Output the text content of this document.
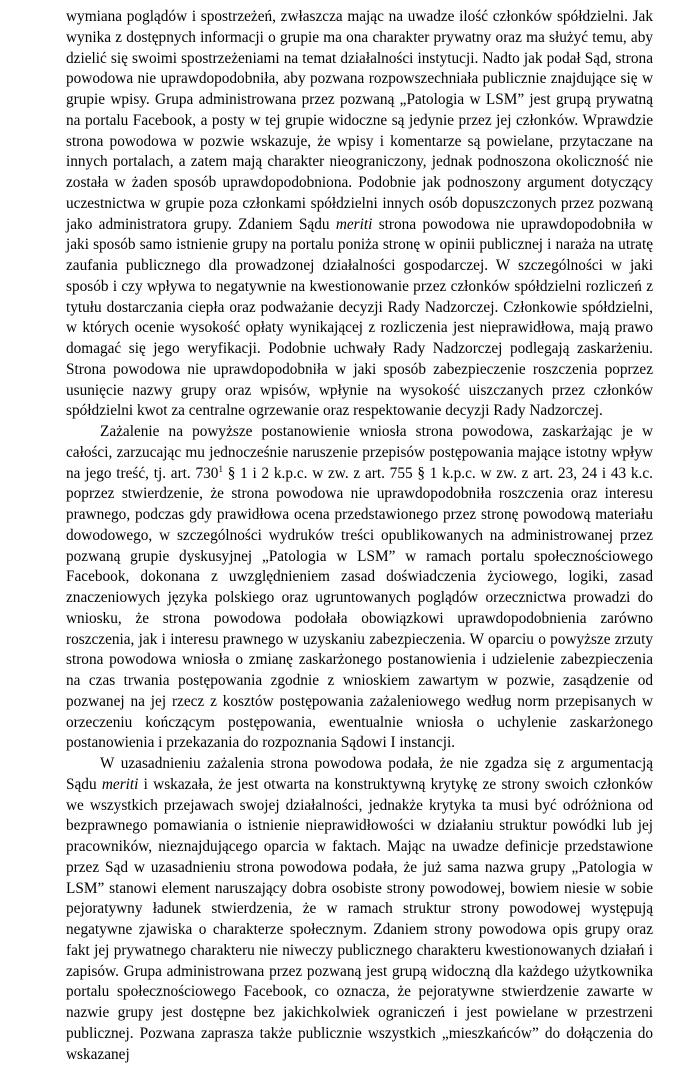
wymiana poglądów i spostrzeżeń, zwłaszcza mając na uwadze ilość członków spółdzielni. Jak wynika z dostępnych informacji o grupie ma ona charakter prywatny oraz ma służyć temu, aby dzielić się swoimi spostrzeżeniami na temat działalności instytucji. Nadto jak podał Sąd, strona powodowa nie uprawdopodobniła, aby pozwana rozpowszechniała publicznie znajdujące się w grupie wpisy. Grupa administrowana przez pozwaną „Patologia w LSM” jest grupą prywatną na portalu Facebook, a posty w tej grupie widoczne są jedynie przez jej członków. Wprawdzie strona powodowa w pozwie wskazuje, że wpisy i komentarze są powielane, przytaczane na innych portalach, a zatem mają charakter nieograniczony, jednak podnoszona okoliczność nie została w żaden sposób uprawdopodobniona. Podobnie jak podnoszony argument dotyczący uczestnictwa w grupie poza członkami spółdzielni innych osób dopuszczonych przez pozwaną jako administratora grupy. Zdaniem Sądu meriti strona powodowa nie uprawdopodobniła w jaki sposób samo istnienie grupy na portalu poniża stronę w opinii publicznej i naraża na utratę zaufania publicznego dla prowadzonej działalności gospodarczej. W szczególności w jaki sposób i czy wpływa to negatywnie na kwestionowanie przez członków spółdzielni rozliczeń z tytułu dostarczania ciepła oraz podważanie decyzji Rady Nadzorczej. Członkowie spółdzielni, w których ocenie wysokość opłaty wynikającej z rozliczenia jest nieprawidłowa, mają prawo domagać się jego weryfikacji. Podobnie uchwały Rady Nadzorczej podlegają zaskarżeniu. Strona powodowa nie uprawdopodobniła w jaki sposób zabezpieczenie roszczenia poprzez usunięcie nazwy grupy oraz wpisów, wpłynie na wysokość uiszczanych przez członków spółdzielni kwot za centralne ogrzewanie oraz respektowanie decyzji Rady Nadzorczej.

Zażalenie na powyższe postanowienie wniosła strona powodowa, zaskarżając je w całości, zarzucając mu jednocześnie naruszenie przepisów postępowania mające istotny wpływ na jego treść, tj. art. $730^1$ § 1 i 2 k.p.c. w zw. z art. 755 § 1 k.p.c. w zw. z art. 23, 24 i 43 k.c. poprzez stwierdzenie, że strona powodowa nie uprawdopodobniła roszczenia oraz interesu prawnego, podczas gdy prawidłowa ocena przedstawionego przez stronę powodową materiału dowodowego, w szczególności wydruków treści opublikowanych na administrowanej przez pozwaną grupie dyskusyjnej „Patologia w LSM” w ramach portalu społecznościowego Facebook, dokonana z uwzględnieniem zasad doświadczenia życiowego, logiki, zasad znaczeniowych języka polskiego oraz ugruntowanych poglądów orzecznictwa prowadzi do wniosku, że strona powodowa podołała obowiązkowi uprawdopodobnienia zarówno roszczenia, jak i interesu prawnego w uzyskaniu zabezpieczenia. W oparciu o powyższe zrzuty strona powodowa wniosła o zmianę zaskarżonego postanowienia i udzielenie zabezpieczenia na czas trwania postępowania zgodnie z wnioskiem zawartym w pozwie, zasądzenie od pozwanej na jej rzecz z kosztów postępowania zażaleniowego według norm przepisanych w orzeczeniu kończącym postępowania, ewentualnie wniosła o uchylenie zaskarżonego postanowienia i przekazania do rozpoznania Sądowi I instancji.

W uzasadnieniu zażalenia strona powodowa podała, że nie zgadza się z argumentacją Sądu meriti i wskazała, że jest otwarta na konstruktywną krytykę ze strony swoich członków we wszystkich przejawach swojej działalności, jednakże krytyka ta musi być odróżniona od bezprawnego pomawiania o istnienie nieprawidłowości w działaniu struktur powódki lub jej pracowników, nieznajdującego oparcia w faktach. Mając na uwadze definicje przedstawione przez Sąd w uzasadnieniu strona powodowa podała, że już sama nazwa grupy „Patologia w LSM” stanowi element naruszający dobra osobiste strony powodowej, bowiem niesie w sobie pejoratywny ładunek stwierdzenia, że w ramach struktur strony powodowej występują negatywne zjawiska o charakterze społecznym. Zdaniem strony powodowa opis grupy oraz fakt jej prywatnego charakteru nie niweczy publicznego charakteru kwestionowanych działań i zapisów. Grupa administrowana przez pozwaną jest grupą widoczną dla każdego użytkownika portalu społecznościowego Facebook, co oznacza, że pejoratywne stwierdzenie zawarte w nazwie grupy jest dostępne bez jakichkolwiek ograniczeń i jest powielane w przestrzeni publicznej. Pozwana zaprasza także publicznie wszystkich „mieszkańców” do dołączenia do wskazanej
